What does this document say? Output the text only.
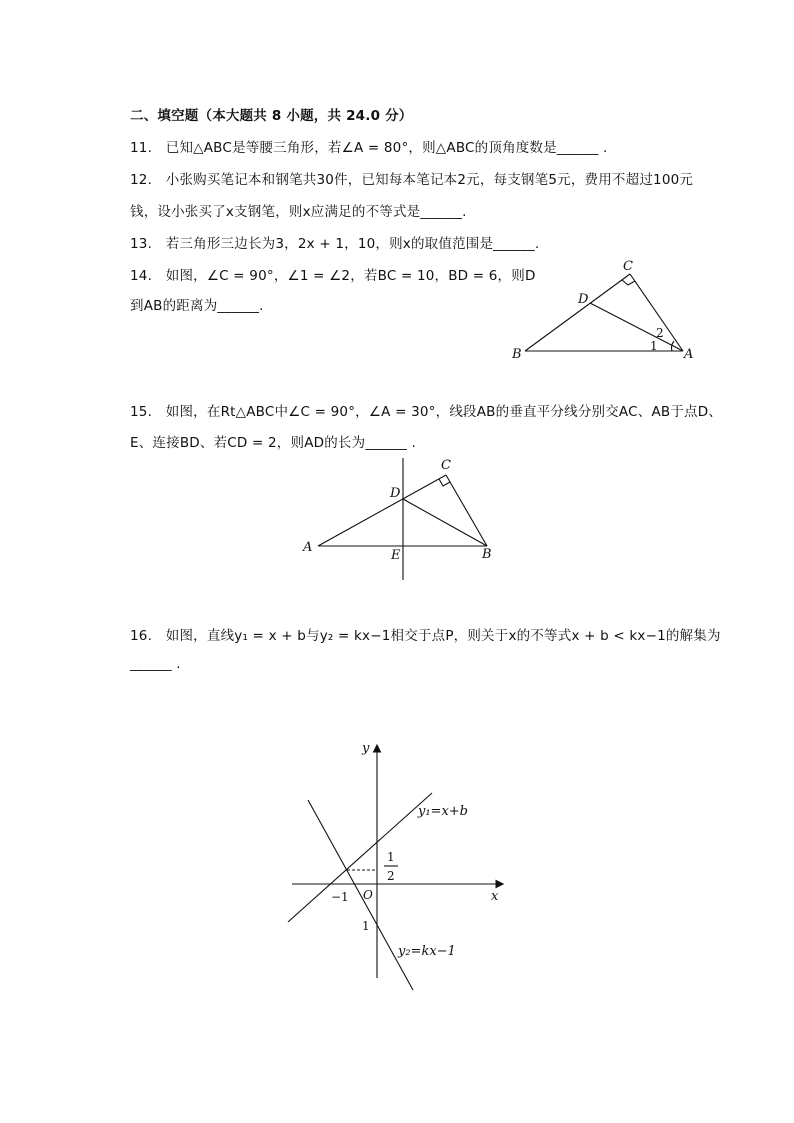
二、填空题（本大题共 8 小题，共 24.0 分）
11.　已知△ABC是等腰三角形，若∠A = 80°，则△ABC的顶角度数是______ .
12.　小张购买笔记本和钢笔共30件，已知每本笔记本2元，每支钢笔5元，费用不超过100元
钱，设小张买了x支钢笔，则x应满足的不等式是______.
13.　若三角形三边长为3，2x + 1，10，则x的取值范围是______.
14.　如图，∠C = 90°，∠1 = ∠2，若BC = 10，BD = 6，则D
到AB的距离为______.
C
D
B	A
2
1
15.　如图，在Rt△ABC中∠C = 90°，∠A = 30°，线段AB的垂直平分线分别交AC、AB于点D、
E、连接BD、若CD = 2，则AD的长为______ .
C
D
A
E	B
16.　如图，直线y₁ = x + b与y₂ = kx−1相交于点P，则关于x的不等式x + b < kx−1的解集为
______ .
y
x
O
−1
1
1
2
y₁=x+b
y₂=kx−1
